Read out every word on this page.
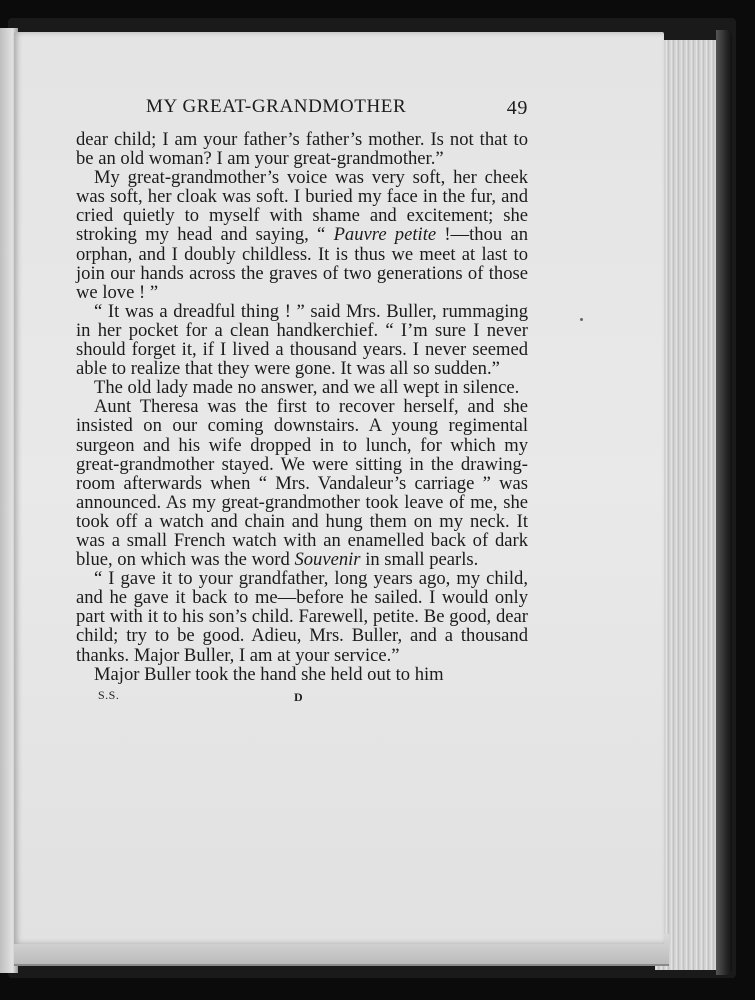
MY GREAT-GRANDMOTHER	49

dear child; I am your father’s father’s mother. Is not that to be an old woman? I am your great-grandmother.”

My great-grandmother’s voice was very soft, her cheek was soft, her cloak was soft. I buried my face in the fur, and cried quietly to myself with shame and excitement; she stroking my head and saying, “ Pauvre petite !—thou an orphan, and I doubly childless. It is thus we meet at last to join our hands across the graves of two generations of those we love ! ”

“ It was a dreadful thing ! ” said Mrs. Buller, rummaging in her pocket for a clean handkerchief. “ I’m sure I never should forget it, if I lived a thousand years. I never seemed able to realize that they were gone. It was all so sudden.”

The old lady made no answer, and we all wept in silence.

Aunt Theresa was the first to recover herself, and she insisted on our coming downstairs. A young regimental surgeon and his wife dropped in to lunch, for which my great-grandmother stayed. We were sitting in the drawing-room afterwards when “ Mrs. Vandaleur’s carriage ” was announced. As my great-grandmother took leave of me, she took off a watch and chain and hung them on my neck. It was a small French watch with an enamelled back of dark blue, on which was the word Souvenir in small pearls.

“ I gave it to your grandfather, long years ago, my child, and he gave it back to me—before he sailed. I would only part with it to his son’s child. Farewell, petite. Be good, dear child; try to be good. Adieu, Mrs. Buller, and a thousand thanks. Major Buller, I am at your service.”

Major Buller took the hand she held out to him

S.S.	D
